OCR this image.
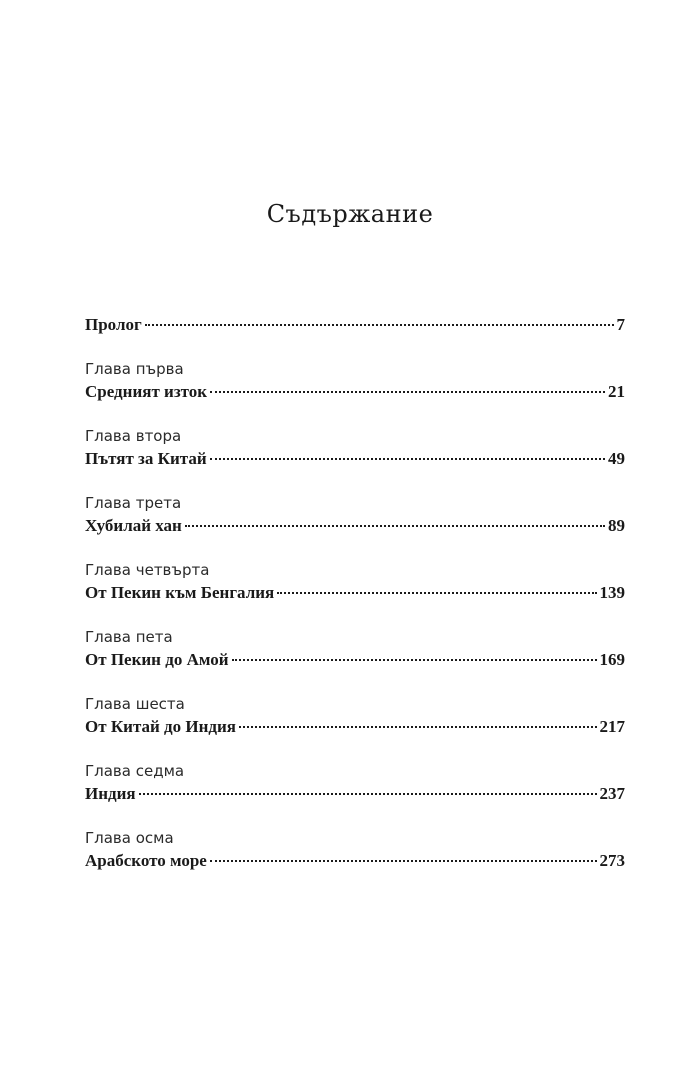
Съдържание
Пролог	7
Глава първа
Средният изток	21
Глава втора
Пътят за Китай	49
Глава трета
Хубилай хан	89
Глава четвърта
От Пекин към Бенгалия	139
Глава пета
От Пекин до Амой	169
Глава шеста
От Китай до Индия	217
Глава седма
Индия	237
Глава осма
Арабското море	273
